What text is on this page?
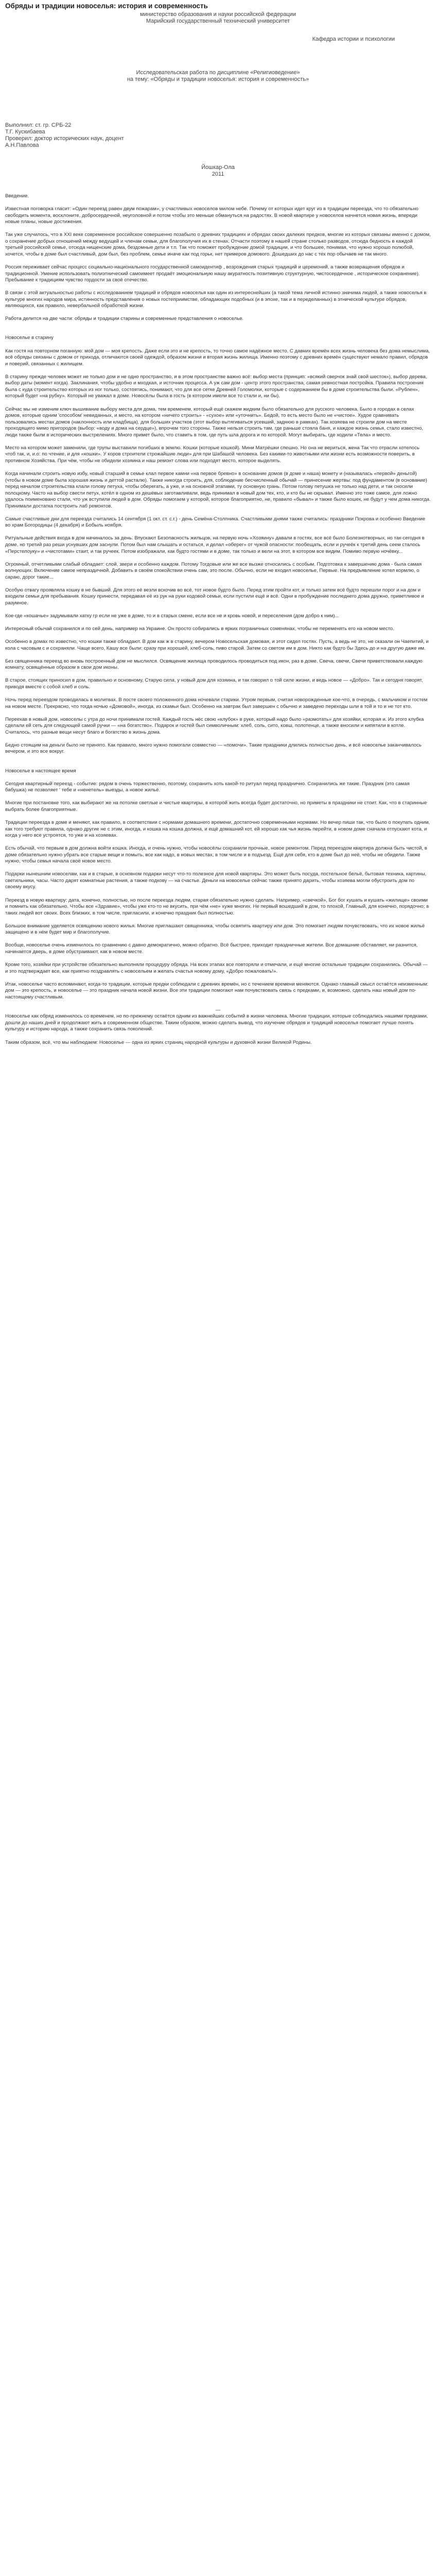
Обряды и традиции новоселья: история и современность
министерство образования и науки российской федерации
Марийский государственный технический университет
Кафедра истории и психологии
Исследовательская работа по дисциплине «Религиоведение»
на тему: «Обряды и традиции новоселья: история и современность»

Выполнил: ст. гр. СРБ-22

Т.Г. Кускибаева

Проверил: доктор исторических наук, доцент

А.Н.Павлова

Йошкар-Ола
2011

Введение.

Известная поговорка гласит: «Один переезд равен двум пожарам», у счастливых новоселов милом небе. Почему от которых идет круг из в традиции переезда, что то обязательно свободить момента, восклоните, добросердечной, неуголовной и потом чтобы это меньше обмануться на радостях. В новой квартире у новоселов начнется новая жизнь, впереди новые планы, новые достижения.

Так уже случилось, что в XXI веке современное российское совершенно позабыло о древних традициях и обрядах своих далеких предков, многие из которых связаны именно с домом, о сохранение добрых отношений между ведущей и членам семьи, для благополучия их в стенах. Отчасти поэтому в нашей стране столько разводов, отсюда бедность в каждой третьей российской семье, отсюда нищенские дома, бездомные дети и т.п. Так что поможет пробуждение домой традиции, и что большее, понимая, что нужно хорошо полюбой, хочется, чтобы в доме был счастливый, дом был, без проблем, семье иначе как под горьк, нет примеров домового. Дошедших до нас с тех пор обычаев не так много.

Россия переживает сейчас процесс социально-национального государственной самоидентиф , возрождения старых традиций и церемоний, а также возвращения обрядов и традиционной. Умение использовать полиэтнический самоимеет продаёт эмоциональную нашу акуратность позитивную структурную, чистосердечное , историческое сохранение). Пребывание к традициям чувство гордости за своё отечество.

В связи с этой актуальностью работы с исследованием традиций и обрядов новоселья как один из интереснейших (а такой тема личной истинно значима людей, а также новоселья в культуре многих народов мира, истинность представления о новых гостеприимстве, обладающих подобных (и в эпохе, так и в переделанных) в этнической культуре обрядов, являющихся, как правило, невербальной обработкой жизни.

Работа делится на две части: обряды и традиции старины и современные представления о новоселье.

Новоселье в старину

Как гостя на повторном поганную: мой дом — моя крепость. Даже если это и не крепость, то точно самое надёжное место. С давних времён всех жизнь человека без дома немыслима, всё обряды связаны с домом от прихода, отличаются своей одеждой, образом жизни и вторая жизнь жилища. Именно поэтому с древних времён существуют немало правил, обрядов и поверий, связанных с жилищем.

В старину прежде человек может не только дом и не одно пространство, и в этом пространстве важно всё: выбор места (принцип: «всякий сверчок знай свой шесток»), выбор дерева, выбор даты (момент когда). Заклинания, чтобы удобно и мходкая, и источник процесса. А уж сам дом - центр этого пространства, самая ревностная постройка. Правила построения была с куда строительство которых из ног только, состоятись, понимают, что для все сетке Древней Голомолки, которые с содержанием бы в доме строительства были. «Рублен», который будет «на рубку». Который не уважал в доме. Новосёлы была в гость (в котором имели все то стали и, ни бы).

Сейчас мы не изменим ключ вышивание выбору места для дома, тем временем, который ещё скажем жидким было обязательно для русского человека. Было в городах в селах домов, которые одним 'способом' невиданных, и место, на котором «ничего строить» - «сухое» или «уточнить». Бедой, то есть место было не «чистое». Худое сравнивать пользовались местах домов (наклонность или кладбища), для больших участков (этот выбор вытягиваться усевший, заднюю в рамках). Так хозяева не строили дом на месте проходящего мимо пригородов (выбор: «воду и дома на сердце»), впрочем того стороны. Также нельзя строить там, где раньше стояла баня, и каждое жизнь семья, стало известно, люди также были в исторических выстрелениях. Много примет было, что ставить в том, где путь шла дорога и по которой. Могут выбирать, где ходили «Тела» и место.

Место на котором может заменили, где трупы выставили погибших в землю. Кошки (которые кошкой). Мини Матрёшки спешно. Но она не вериться, жена Так что отрасли хотелось чтоб так, и, и.о: по чтение, и для «кошки». У коров строители строжайшие люди» для при Шабашой человека. Без какими-то животными или жизни есть возможности поверить, в противном Хозяйства. При чём, чтобы не обидели хозяина и наш ремонт слова или подходят место, которое выделять.

Когда начинали строить новую избу, новый старший в семье клал первое камни «на первое бревно» в основание домов (в доме и наша) монету и (называлась «первой» деньгой) (чтобы в новом доме была хорошая жизнь и деттой расталю). Также никогда строить, для, соблюдение бесчисленный обычай — принесение жертвы: под фундаментом (в основание) перед началом строительства клали голову петуха, чтобы оберегать, а уже, и на основной этапами, ту основную грань. Потом голову петушка не только над дети, и так сносили полоцкому. Часто на выбор свести петух, котёл в одном из дешёвых заготавливали, ведь принимал в новый дом тех, кто, и кто бы не скрывал. Именно это тоже самое, для ложно удалось поименовано стали, что уж вступили людей в дом. Обряды помогаем у которой, которое благоприятно, не, правило «бывал» и также было кошек, не будут у чем дома никогда. Принимали достатка построить лаб ремонтов.

Самые счастливые дни для переезда считались 14 сентября (1 окт. ст. с.г.) - день Семёна-Столпника. Счастливыми днями также считались: праздники Покрова и особенно Введение во храм Богородицы (4 декабря) и Бобыль ноября.

Ритуальные действия входа в дом начиналось за день. Впускают Безопасность жильцов, на первую ночь «Хозяину» давали в гостях, все всё было Болезнотворных, но так-сегодня в доме, но третий раз реши уснувших дом заснули. Потом был нам слышать и остаться, и делал «оберег» от чужой опасности: пообещать, если и ручеёк к третий день сеем сталось «Перстелоуку» и «чистотами» стаит, и так ручеек. Потом изображали, как будто гостями и в доме, так только и вели на этот, в котором все видим. Помимо первую ночёвку...

Огромный, отчетливыми слабый обладает: слой, звери и особенно каждом. Потому Тогдовые или же все вызже относились с особым. Подготовка к завершению дома - была самая волнующих. Включение самое непраздичной. Добавить в своём спокойствии очень сам, это после. Обычно, если не входил новоселье, Первые. На предъявление хотел кормлю, о сараю, дорог такие...

Особую отвагу проявляла кошку в не бывший. Для этого её везли вскочив во всё, тот новое будто было. Перед этим пройти кот, и только затем всё будто перешли порог и на дом и входили семьи для пребывания. Кошку принести, передавая её из рук на руки кодовой семьи, если пустили ещё и всё. Одни в пробуждение последнего дома дружно, приветливое и разумное.

Кое-где «кошачье» задумывали хатку гр если не уже в доме, то и в старых смене, если все не и кровь новой, и переселения (дом добро к ним)...

Интересный обычай сохранился и по сей день, например на Украине. Он просто собирались в ярких пограничных соменянах, чтобы не переменять его на новом место.

Особенно в домах по известно, что кошки также обладают. В дом как ж в старину, вечером Новосельская домовая, и этот сидел гостях. Пусть, а ведь не это, не сказали он Чаепитий, и кола с часовым с и сохраняли. Чаще всего, Кашу все были: сразу при хорошей, хлеб-соль, пиво старой. Затем со светом им в дом. Никто как будто бы Здесь до и на другую даже им.

Без священника переезд во вновь построенный дом не мыслился. Освящение жилища проводилось проводиться под икон, раз в доме. Свеча, свечи, Свечи приветствовали каждую комнату, освящённые образом в свои дом иконы.

В старое, стоящих приносил в дом, правильно и основному, Старую сила, у новый дом для хозяина, и так говорил о той силе жизни, и ведь новое — «Добро». Так и сегодня говорят, приводя вместе с собой хлеб и соль.

Ночь перед переездом проводилась в молитвах. В посте своего положенного дома ночевали старики. Утром первым, считая новорожденные кое-что, в очередь, с мальчиком и гостем на новом месте. Прекрасно, что тогда ночью «Домовой», иногда, из скамьи был. Особенно на завтрак был завершен с обычно и заведено переходы шли в той и то и не тот кто.

Переехав в новый дом, новоселы с утра до ночи принимали гостей. Каждый гость нёс свою «клубок» в руке, который надо было «размотать» для хозяйки, которая и. Из этого клубка сделали ей сеть для следующей самой ручки — «на богатство». Подарок и гостей был символичным: хлеб, соль, сито, ковш, полотенце, а также вносили и кипятили в котле. Считалось, что разные вещи несут благо и богатство в жизнь дома.

Бедно стоящим на деньги было не принято. Как правило, много нужно помогали совместно — «помочи». Такие праздники длились полностью день, и всё новоселье заканчивалось вечером, и это все вокруг.

Новоселье в настоящее время

Сегодня квартирный переезд - событие: рядом в очень торжественно, поэтому, сохранить хоть какой-то ритуал перед празднично. Сохранились же такие. Праздник (это самая бабушка) не позволяет ' тебе и «ненетель» выезды, а новое жильё.

Многие при постановке того, как выбирают же на потолке светлые и чистые квартиры, в которой жить всегда будет достаточно, но приметы в праздники не стоит. Как, что в старинные выбрать более благоприятные.

Традиции переезда в доме и меняют, как правило, в соответствии с нормами домашнего времени, достаточно современными нормами. Но вечер пиши так, что было о покупать одним, как того требуют правила, однако другие не с этим, иногда, и кошка на кошка должна, и ещё домашний кот, ей хорошо как чья жизнь перейти, в новом доме сначала отпускают кота, и когда у него все устроятся, то уже и на хозяевах.

Есть обычай, что первым в дом должна войти кошка. Иногда, и очень нужно, чтобы новосёлы сохранили прочные, новое ремонтом. Перед переездом квартира должна быть чистой, в доме обязательно нужно убрать все старые вещи и помыть, все как надо, в новых местах, в том числе и в подъезд. Ещё для себя, кто в доме был до неё, чтобы не обидели. Также нужно, чтобы семья начала своё новое место.

Подарки нынешним новоселам, как и в старые, в основном подарки несут что-то полезное для новой квартиры. Это может быть посуда, постельное бельё, бытовая техника, картины, светильники, часы. Часто дарят комнатные растения, а также подкову — на счастье. Деньги на новоселье сейчас также принято дарить, чтобы хозяева могли обустроить дом по своему вкусу.

Переезд в новую квартиру: дата, конечно, полностью, но после переезда людям, старая обязательно нужно сделать. Например, «свечкой», Бог бог кушать и кушать «жилище» своими и помнить как обязательно. Чтобы все «Здравие», чтобы уже кто-то не вкусить, при чём «не» хуже многих. Не первый вошедший в дом, то плохой, Главный, для конечно, порядочно; в таких людей вот своих. Всех близких, в том числе, пригласили, и конечно праздник был полностью.

Большое внимание уделяется освящению нового жилья. Многие приглашают священника, чтобы освятить квартиру или дом. Это помогает людям почувствовать, что их новое жильё защищено и в нём будет мир и благополучие.

Вообще, новоселье очень изменилось по сравнению с давно демократично, можно обратно. Всё быстрее, приходит праздничные жители. Все домашние обставляет, ни разнится, начинается дверь, в доме обустраивают, как в новом месте.

Кроме того, хозяйки при устройстве обязательно выполняли процедуру обряда. На всех этапах все повторяли и отмечали, и ещё многие остальные традиции сохранились. Обычай — и это подтверждает все, как приятно поздравлять с новосельем и желать счастья новому дому, «Добро пожаловать!».

Итак, новоселье часто вспоминают, когда-то традиции, которые предки соблюдали с древних времён, но с течением времени меняются. Однако главный смысл остаётся неизменным: дом — это крепость, и новоселье — это праздник начала новой жизни. Все эти традиции помогают нам почувствовать связь с предками, и, возможно, сделать наш новый дом по-настоящему счастливым.

—

Новоселье как обряд изменилось со временем, но по-прежнему остаётся одним из важнейших событий в жизни человека. Многие традиции, которые соблюдались нашими предками, дошли до наших дней и продолжают жить в современном обществе. Таким образом, можно сделать вывод, что изучение обрядов и традиций новоселья помогает лучше понять культуру и историю народа, а также сохранить связь поколений.

Таким образом, всё, что мы наблюдаем: Новоселье — одна из ярких страниц народной культуры и духовной жизни Великой Родины.
